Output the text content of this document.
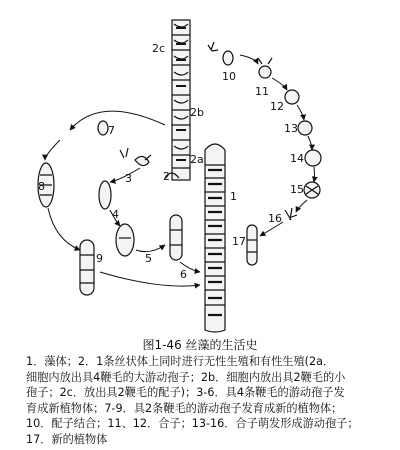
2c
2b
2a
2
1
3
4
5
6
7
8
9
10
11
12
13
14
15
16
17
图1-46 丝藻的生活史
1．藻体；2．1条丝状体上同时进行无性生殖和有性生殖(2a．
细胞内放出具4鞭毛的大游动孢子；2b．细胞内放出具2鞭毛的小
孢子；2c．放出具2鞭毛的配子)；3-6．具4条鞭毛的游动孢子发
育成新植物体；7-9．具2条鞭毛的游动孢子发育成新的植物体；
10．配子结合；11、12．合子；13-16．合子萌发形成游动孢子；
17．新的植物体
